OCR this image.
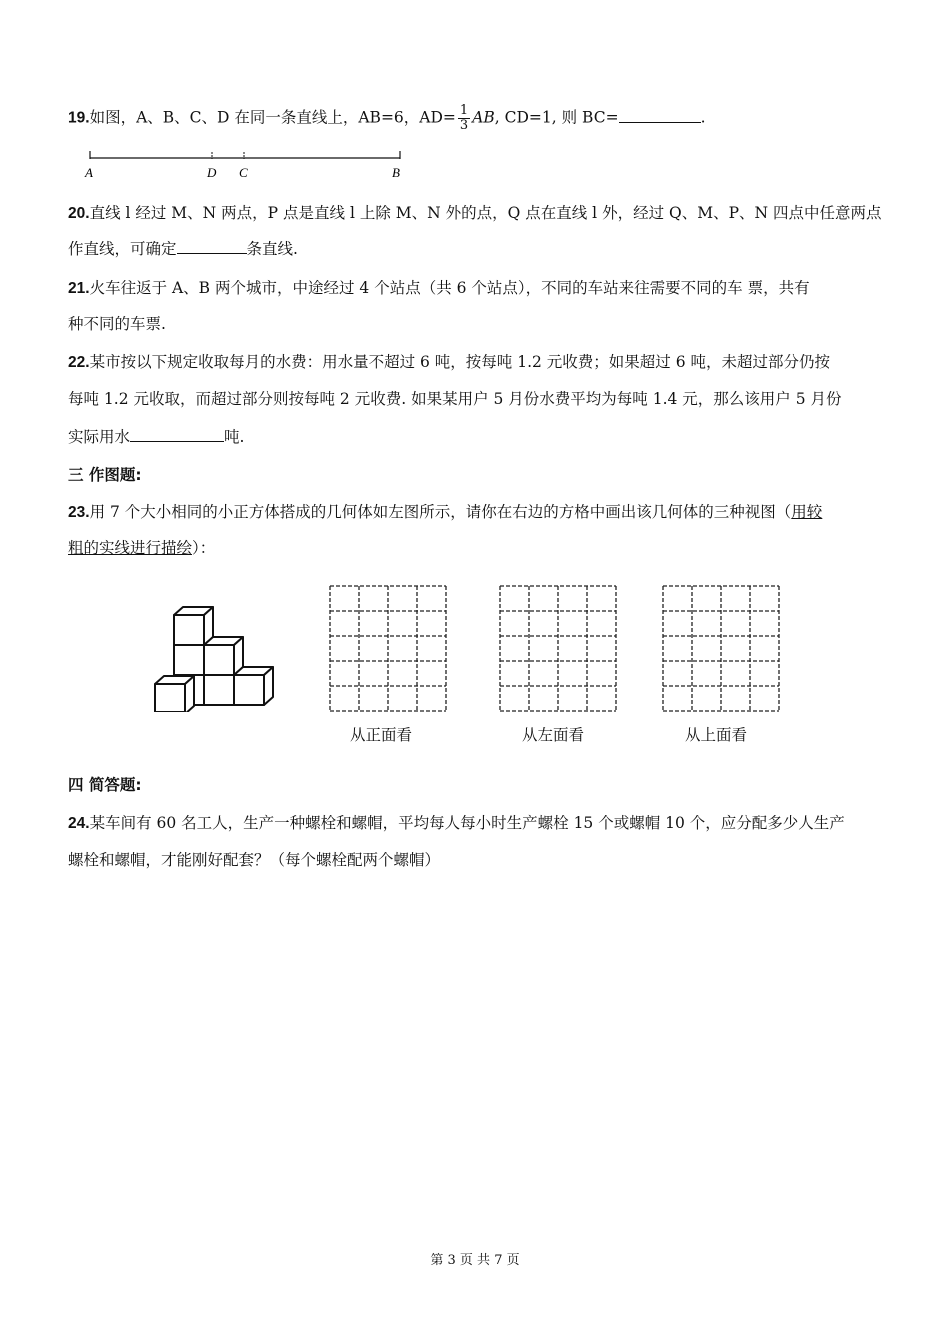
19.如图，A、B、C、D 在同一条直线上，AB=6，$AD= \frac{1}{3}$ AB, CD=1, 则 BC=	.
A	D C	B
20.直线 l 经过 M、N 两点，P 点是直线 l 上除 M、N 外的点，Q 点在直线 l 外，经过 Q、M、P、N 四点中任意两点
作直线，可确定	条直线.
21.火车往返于 A、B 两个城市，中途经过 4 个站点（共 6 个站点），不同的车站来往需要不同的车 票，共有
种不同的车票.
22.某市按以下规定收取每月的水费：用水量不超过 6 吨，按每吨 1.2 元收费；如果超过 6 吨，未超过部分仍按
每吨 1.2 元收取，而超过部分则按每吨 2 元收费. 如果某用户 5 月份水费平均为每吨 1.4 元，那么该用户 5 月份
实际用水	吨.
三 作图题:
23.用 7 个大小相同的小正方体搭成的几何体如左图所示，请你在右边的方格中画出该几何体的三种视图（用较
粗的实线进行描绘）：
从正面看	从左面看	从上面看
四 简答题:
24.某车间有 60 名工人，生产一种螺栓和螺帽，平均每人每小时生产螺栓 15 个或螺帽 10 个，应分配多少人生产
螺栓和螺帽，才能刚好配套？（每个螺栓配两个螺帽）
第 3 页 共 7 页
